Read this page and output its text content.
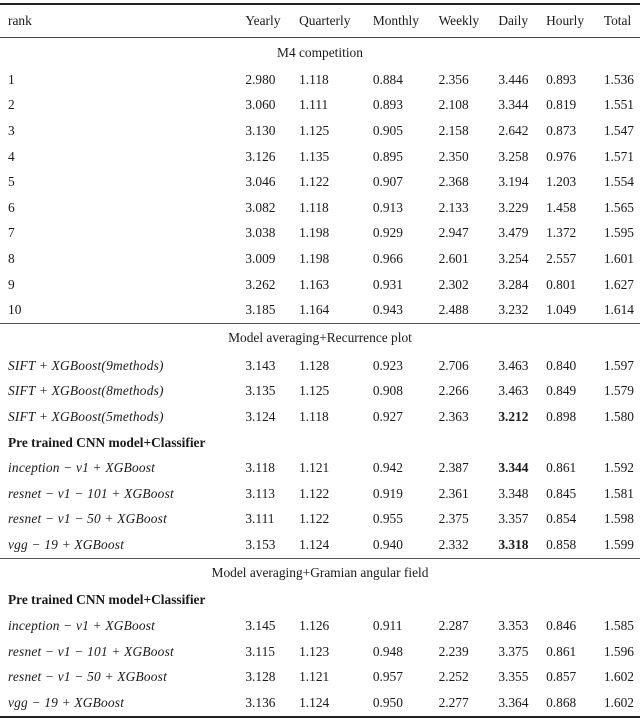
rank	Yearly	Quarterly	Monthly	Weekly	Daily	Hourly	Total
M4 competition							
1	2.980	1.118	0.884	2.356	3.446	0.893	1.536
2	3.060	1.111	0.893	2.108	3.344	0.819	1.551
3	3.130	1.125	0.905	2.158	2.642	0.873	1.547
4	3.126	1.135	0.895	2.350	3.258	0.976	1.571
5	3.046	1.122	0.907	2.368	3.194	1.203	1.554
6	3.082	1.118	0.913	2.133	3.229	1.458	1.565
7	3.038	1.198	0.929	2.947	3.479	1.372	1.595
8	3.009	1.198	0.966	2.601	3.254	2.557	1.601
9	3.262	1.163	0.931	2.302	3.284	0.801	1.627
10	3.185	1.164	0.943	2.488	3.232	1.049	1.614
Model averaging+Recurrence plot							
SIFT + XGBoost(9methods)	3.143	1.128	0.923	2.706	3.463	0.840	1.597
SIFT + XGBoost(8methods)	3.135	1.125	0.908	2.266	3.463	0.849	1.579
SIFT + XGBoost(5methods)	3.124	1.118	0.927	2.363	3.212	0.898	1.580
Pre trained CNN model+Classifier							
inception − v1 + XGBoost	3.118	1.121	0.942	2.387	3.344	0.861	1.592
resnet − v1 − 101 + XGBoost	3.113	1.122	0.919	2.361	3.348	0.845	1.581
resnet − v1 − 50 + XGBoost	3.111	1.122	0.955	2.375	3.357	0.854	1.598
vgg − 19 + XGBoost	3.153	1.124	0.940	2.332	3.318	0.858	1.599
Model averaging+Gramian angular field							
Pre trained CNN model+Classifier							
inception − v1 + XGBoost	3.145	1.126	0.911	2.287	3.353	0.846	1.585
resnet − v1 − 101 + XGBoost	3.115	1.123	0.948	2.239	3.375	0.861	1.596
resnet − v1 − 50 + XGBoost	3.128	1.121	0.957	2.252	3.355	0.857	1.602
vgg − 19 + XGBoost	3.136	1.124	0.950	2.277	3.364	0.868	1.602
